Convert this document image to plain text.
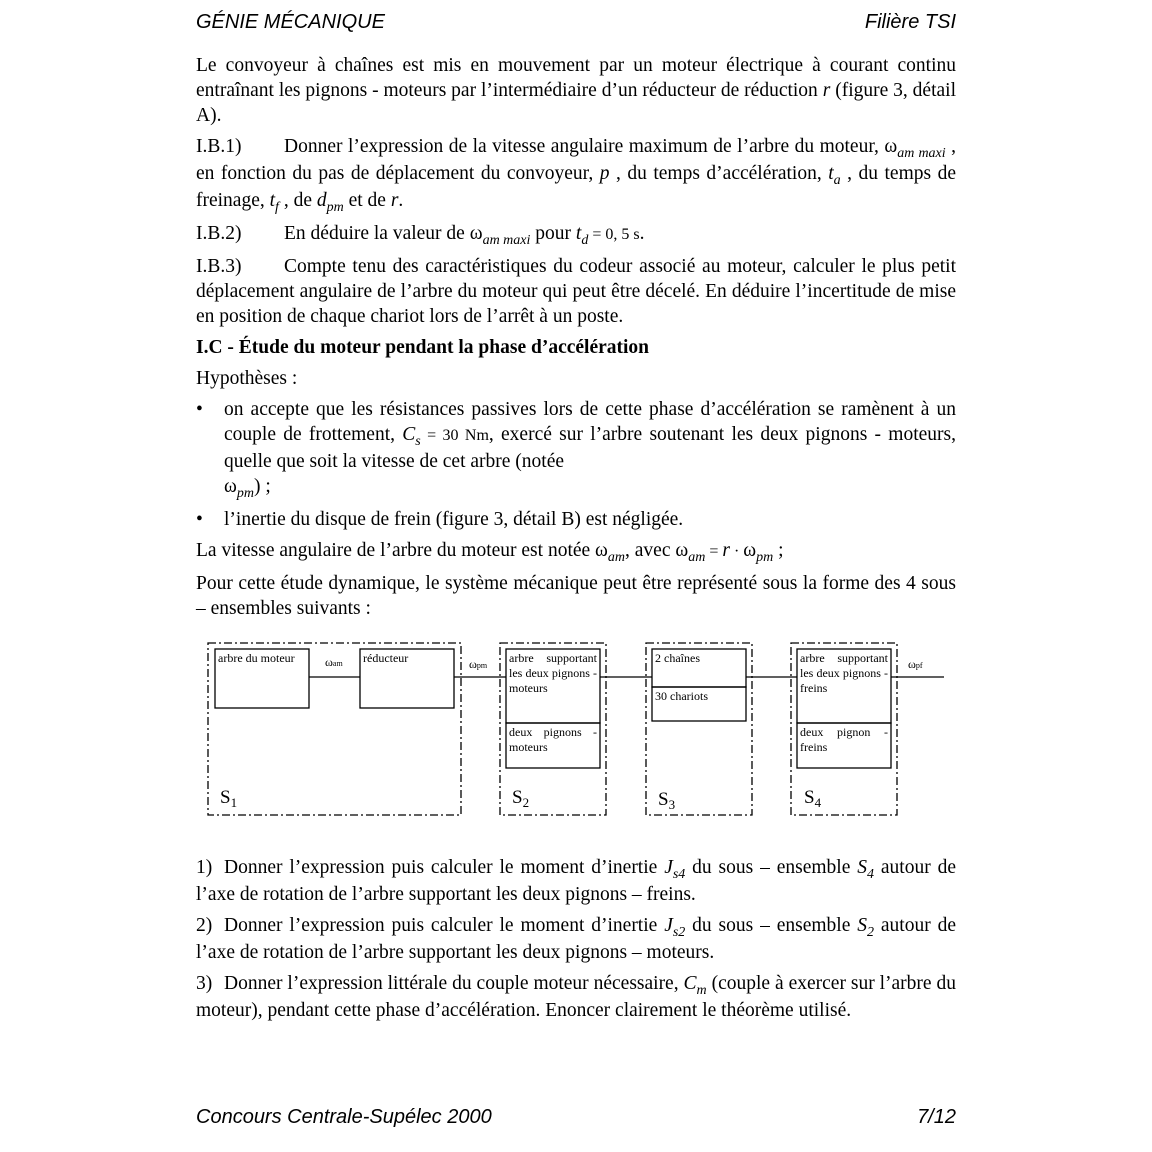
GÉNIE MÉCANIQUE	Filière TSI

Le convoyeur à chaînes est mis en mouvement par un moteur électrique à courant continu entraînant les pignons - moteurs par l’intermédiaire d’un réducteur de réduction r (figure 3, détail A).

I.B.1) Donner l’expression de la vitesse angulaire maximum de l’arbre du moteur, $\omega_{am maxi}$ , en fonction du pas de déplacement du convoyeur, p , du temps d’accélération, $t_a$ , du temps de freinage, $t_f$ , de $d_{pm}$ et de r.

I.B.2) En déduire la valeur de $\omega_{am maxi}$ pour $t_d = 0$, 5 s.

I.B.3) Compte tenu des caractéristiques du codeur associé au moteur, calculer le plus petit déplacement angulaire de l’arbre du moteur qui peut être décelé. En déduire l’incertitude de mise en position de chaque chariot lors de l’arrêt à un poste.

I.C - Étude du moteur pendant la phase d’accélération

Hypothèses :

• on accepte que les résistances passives lors de cette phase d’accélération se ramènent à un couple de frottement, $C_s = 30$ Nm, exercé sur l’arbre soutenant les deux pignons - moteurs, quelle que soit la vitesse de cet arbre (notée
$\omega_{pm}$) ;
• l’inertie du disque de frein (figure 3, détail B) est négligée.

La vitesse angulaire de l’arbre du moteur est notée $\omega_{am}$, avec $\omega_{am} = r \cdot \omega_{pm}$ ;

Pour cette étude dynamique, le système mécanique peut être représenté sous la forme des 4 sous – ensembles suivants :

arbre du moteur	ωam réducteur	ωpm
arbre supportant les deux pignons - moteurs
deux pignons - moteurs
2 chaînes
30 chariots
arbre supportant les deux pignons - freins
deux pignon - freins
ωpf
$S_1$	$S_2$	$S_3$	$S_4$

1) Donner l’expression puis calculer le moment d’inertie $J_{s4}$ du sous – ensemble $S_4$ autour de l’axe de rotation de l’arbre supportant les deux pignons – freins.

2) Donner l’expression puis calculer le moment d’inertie $J_{s2}$ du sous – ensemble $S_2$ autour de l’axe de rotation de l’arbre supportant les deux pignons – moteurs.

3) Donner l’expression littérale du couple moteur nécessaire, $C_m$ (couple à exercer sur l’arbre du moteur), pendant cette phase d’accélération. Enoncer clairement le théorème utilisé.

Concours Centrale-Supélec 2000	7/12
